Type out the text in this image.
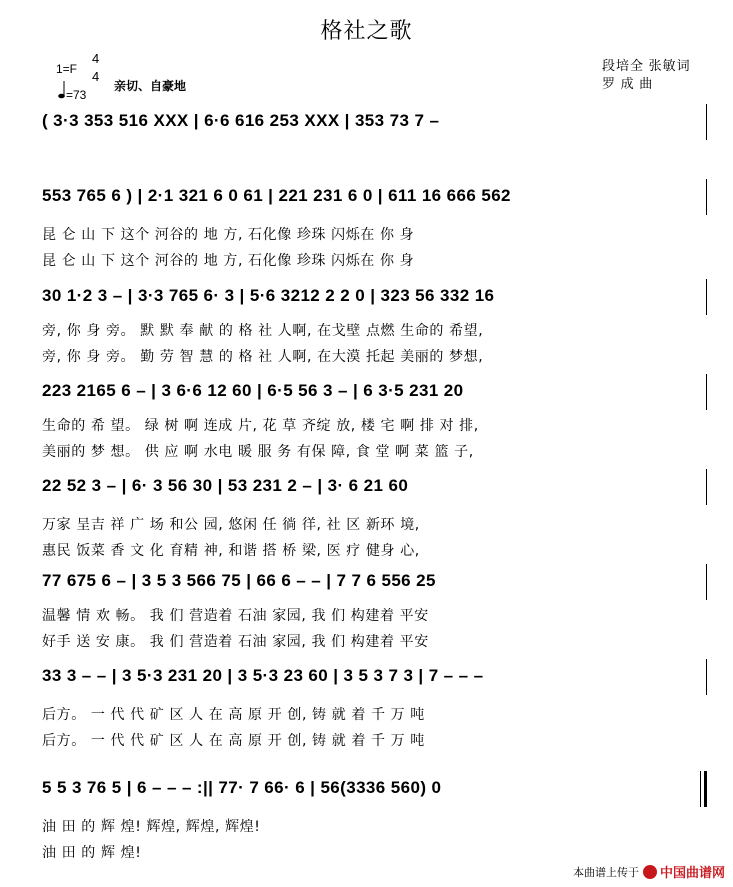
格社之歌
1=F
4
4
=73
亲切、自豪地
段培全 张敏词
罗 成 曲
( 3·3 353 516 XXX | 6·6 616 253 XXX | 353 73 7 –
553 765 6 ) | 2·1 321 6 0 61 | 221 231 6 0 | 611 16 666 562
昆 仑 山 下 这个 河谷的 地 方, 石化像 珍珠 闪烁在 你 身
昆 仑 山 下 这个 河谷的 地 方, 石化像 珍珠 闪烁在 你 身
30 1·2 3 – | 3·3 765 6· 3 | 5·6 3212 2 2 0 | 323 56 332 16
旁, 你 身 旁。 默 默 奉 献 的 格 社 人啊, 在戈壁 点燃 生命的 希望,
旁, 你 身 旁。 勤 劳 智 慧 的 格 社 人啊, 在大漠 托起 美丽的 梦想,
223 2165 6 – | 3 6·6 12 60 | 6·5 56 3 – | 6 3·5 231 20
生命的 希 望。 绿 树 啊 连成 片, 花 草 齐绽 放, 楼 宅 啊 排 对 排,
美丽的 梦 想。 供 应 啊 水电 暖 服 务 有保 障, 食 堂 啊 菜 篮 子,
22 52 3 – | 6· 3 56 30 | 53 231 2 – | 3· 6 21 60
万家 呈吉 祥 广 场 和公 园, 悠闲 任 徜 徉, 社 区 新环 境,
惠民 饭菜 香 文 化 育精 神, 和谐 搭 桥 梁, 医 疗 健身 心,
77 675 6 – | 3 5 3 566 75 | 66 6 – – | 7 7 6 556 25
温馨 情 欢 畅。 我 们 营造着 石油 家园, 我 们 构建着 平安
好手 送 安 康。 我 们 营造着 石油 家园, 我 们 构建着 平安
33 3 – – | 3 5·3 231 20 | 3 5·3 23 60 | 3 5 3 7 3 | 7 – – –
后方。 一 代 代 矿 区 人 在 高 原 开 创, 铸 就 着 千 万 吨
后方。 一 代 代 矿 区 人 在 高 原 开 创, 铸 就 着 千 万 吨
5 5 3 76 5 | 6 – – – :|| 77· 7 66· 6 | 56(3336 560) 0
油 田 的 辉 煌! 辉煌, 辉煌, 辉煌!
油 田 的 辉 煌!
本曲谱上传于 中国曲谱网
